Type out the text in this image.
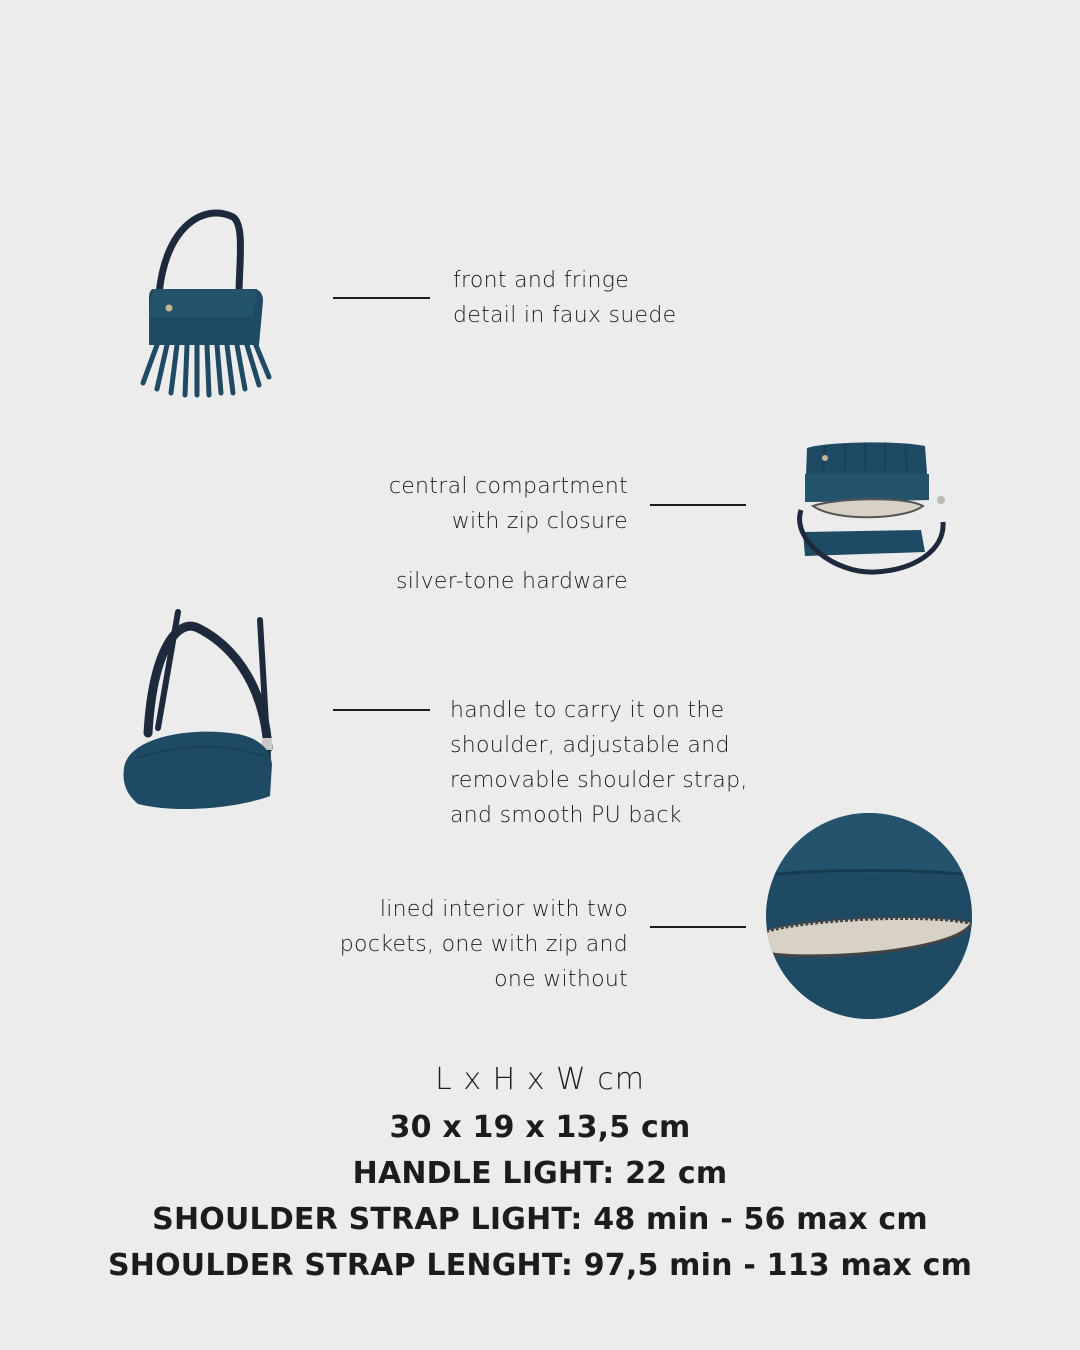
front and fringe

detail in faux suede

central compartment

with zip closure

silver-tone hardware

handle to carry it on the

shoulder, adjustable and

removable shoulder strap,

and smooth PU back

lined interior with two

pockets, one with zip and

one without

L x H x W cm
30 x 19 x 13,5 cm
HANDLE LIGHT: 22 cm
SHOULDER STRAP LIGHT: 48 min - 56 max cm
SHOULDER STRAP LENGHT: 97,5 min - 113 max cm
